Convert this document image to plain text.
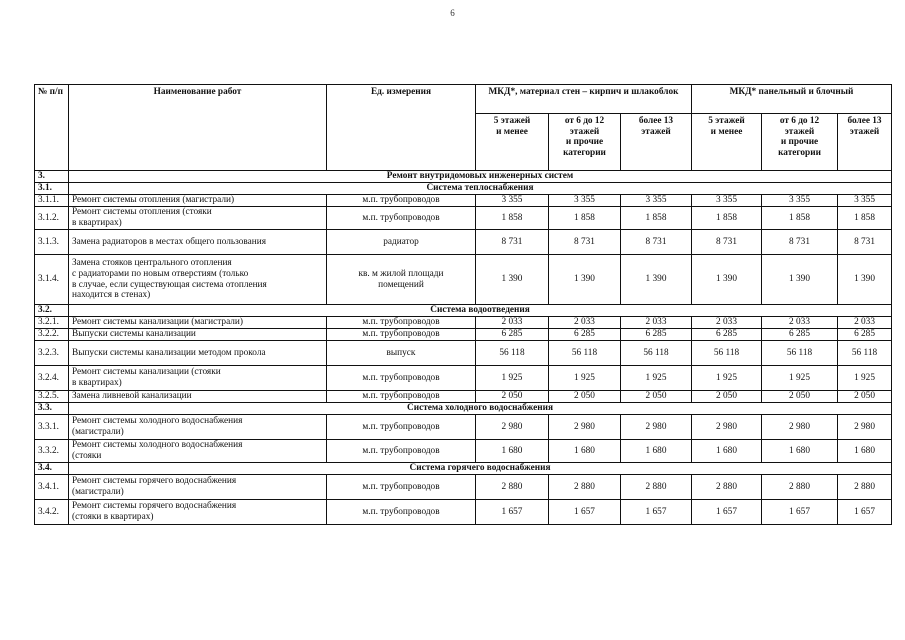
6
№ п/п	Наименование работ	Ед. измерения	МКД*, материал стен – кирпич и шлакоблок			МКД* панельный и блочный		
			5 этажей
и менее	от 6 до 12
этажей
и прочие
категории	более 13
этажей	5 этажей
и менее	от 6 до 12
этажей
и прочие
категории	более 13
этажей
3.	Ремонт внутридомовых инженерных систем							
3.1.	Система теплоснабжения							
3.1.1.	Ремонт системы отопления (магистрали)	м.п. трубопроводов	3 355	3 355	3 355	3 355	3 355	3 355
3.1.2.	Ремонт системы отопления (стояки
в квартирах)	м.п. трубопроводов	1 858	1 858	1 858	1 858	1 858	1 858
3.1.3.	Замена радиаторов в местах общего пользования	радиатор	8 731	8 731	8 731	8 731	8 731	8 731
3.1.4.	Замена стояков центрального отопления
с радиаторами по новым отверстиям (только
в случае, если существующая система отопления
находится в стенах)	кв. м жилой площади
помещений	1 390	1 390	1 390	1 390	1 390	1 390
3.2.	Система водоотведения							
3.2.1.	Ремонт системы канализации (магистрали)	м.п. трубопроводов	2 033	2 033	2 033	2 033	2 033	2 033
3.2.2.	Выпуски системы канализации	м.п. трубопроводов	6 285	6 285	6 285	6 285	6 285	6 285
3.2.3.	Выпуски системы канализации методом прокола	выпуск	56 118	56 118	56 118	56 118	56 118	56 118
3.2.4.	Ремонт системы канализации (стояки
в квартирах)	м.п. трубопроводов	1 925	1 925	1 925	1 925	1 925	1 925
3.2.5.	Замена ливневой канализации	м.п. трубопроводов	2 050	2 050	2 050	2 050	2 050	2 050
3.3.	Система холодного водоснабжения							
3.3.1.	Ремонт системы холодного водоснабжения
(магистрали)	м.п. трубопроводов	2 980	2 980	2 980	2 980	2 980	2 980
3.3.2.	Ремонт системы холодного водоснабжения
(стояки	м.п. трубопроводов	1 680	1 680	1 680	1 680	1 680	1 680
3.4.	Система горячего водоснабжения							
3.4.1.	Ремонт системы горячего водоснабжения
(магистрали)	м.п. трубопроводов	2 880	2 880	2 880	2 880	2 880	2 880
3.4.2.	Ремонт системы горячего водоснабжения
(стояки в квартирах)	м.п. трубопроводов	1 657	1 657	1 657	1 657	1 657	1 657
